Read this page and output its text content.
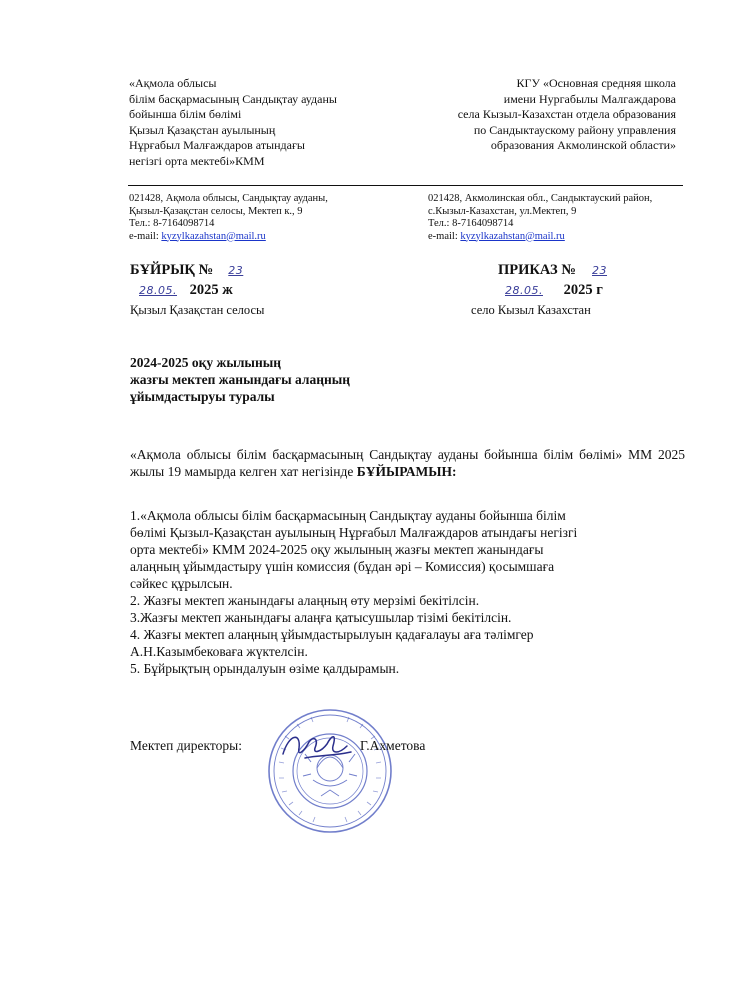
«Ақмола облысы
білім басқармасының Сандықтау ауданы
бойынша білім бөлімі
Қызыл Қазақстан ауылының
Нұрғабыл Малғаждаров атындағы
негізгі орта мектебі»КММ
КГУ «Основная средняя школа
имени Нургабылы Малгаждарова
села Кызыл-Казахстан отдела образования
по Сандыктаускому району управления
образования Акмолинской области»
021428, Ақмола облысы, Сандықтау ауданы,
Қызыл-Қазақстан селосы, Мектеп к., 9
Тел.: 8-7164098714
e-mail: kyzylkazahstan@mail.ru
021428, Акмолинская обл., Сандыктауский район,
с.Кызыл-Казахстан, ул.Мектеп, 9
Тел.: 8-7164098714
e-mail: kyzylkazahstan@mail.ru
БҰЙРЫҚ № 23
28.05. 2025 ж
Қызыл Қазақстан селосы
ПРИКАЗ № 23
28.05. 2025 г
село Кызыл Казахстан
2024-2025 оқу жылының
жазғы мектеп жанындағы алаңның
ұйымдастыруы туралы
«Ақмола облысы білім басқармасының Сандықтау ауданы бойынша білім бөлімі» ММ 2025 жылы 19 мамырда келген хат негізінде БҰЙЫРАМЫН:
1.«Ақмола облысы білім басқармасының Сандықтау ауданы бойынша білім
бөлімі Қызыл-Қазақстан ауылының Нұрғабыл Малғаждаров атындағы негізгі
орта мектебі» КММ 2024-2025 оқу жылының жазғы мектеп жанындағы
алаңның ұйымдастыру үшін комиссия (бұдан әрі – Комиссия) қосымшаға
сәйкес құрылсын.
2. Жазғы мектеп жанындағы алаңның өту мерзімі бекітілсін.
3.Жазғы мектеп жанындағы алаңға қатысушылар тізімі бекітілсін.
4. Жазғы мектеп алаңның ұйымдастырылуын қадағалауы аға тәлімгер
А.Н.Казымбековаға жүктелсін.
5. Бұйрықтың орындалуын өзіме қалдырамын.
Мектеп директоры:	Г.Ахметова
